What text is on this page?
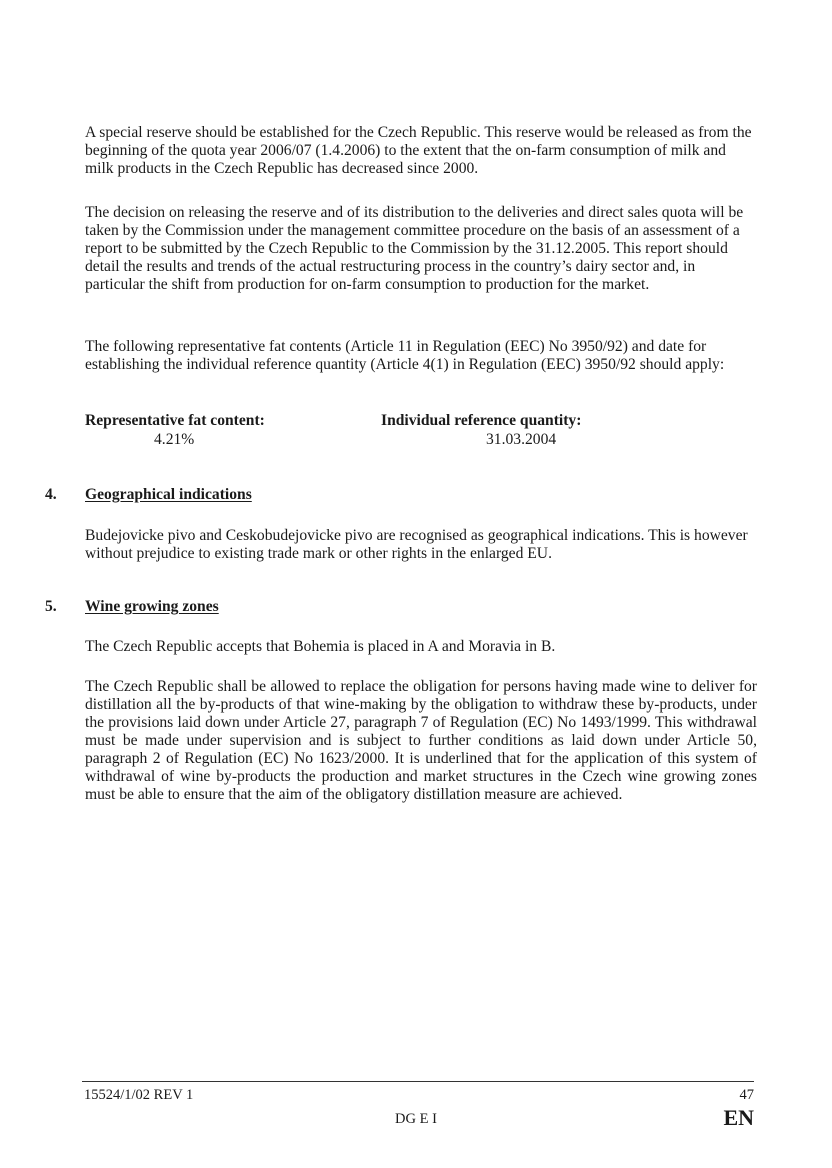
A special reserve should be established for the Czech Republic. This reserve would be released as from the beginning of the quota year 2006/07 (1.4.2006) to the extent that the on-farm consumption of milk and milk products in the Czech Republic has decreased since 2000.

The decision on releasing the reserve and of its distribution to the deliveries and direct sales quota will be taken by the Commission under the management committee procedure on the basis of an assessment of a report to be submitted by the Czech Republic to the Commission by the 31.12.2005. This report should detail the results and trends of the actual restructuring process in the country’s dairy sector and, in particular the shift from production for on-farm consumption to production for the market.

The following representative fat contents (Article 11 in Regulation (EEC) No 3950/92) and date for establishing the individual reference quantity (Article 4(1) in Regulation (EEC) 3950/92 should apply:

Representative fat content:	Individual reference quantity:
4.21%	31.03.2004
4. Geographical indications

Budejovicke pivo and Ceskobudejovicke pivo are recognised as geographical indications. This is however without prejudice to existing trade mark or other rights in the enlarged EU.

5. Wine growing zones

The Czech Republic accepts that Bohemia is placed in A and Moravia in B.

The Czech Republic shall be allowed to replace the obligation for persons having made wine to deliver for distillation all the by-products of that wine-making by the obligation to withdraw these by-products, under the provisions laid down under Article 27, paragraph 7 of Regulation (EC) No 1493/1999. This withdrawal must be made under supervision and is subject to further conditions as laid down under Article 50, paragraph 2 of Regulation (EC) No 1623/2000. It is underlined that for the application of this system of withdrawal of wine by-products the production and market structures in the Czech wine growing zones must be able to ensure that the aim of the obligatory distillation measure are achieved.

15524/1/02 REV 1	47
DG E I	EN
